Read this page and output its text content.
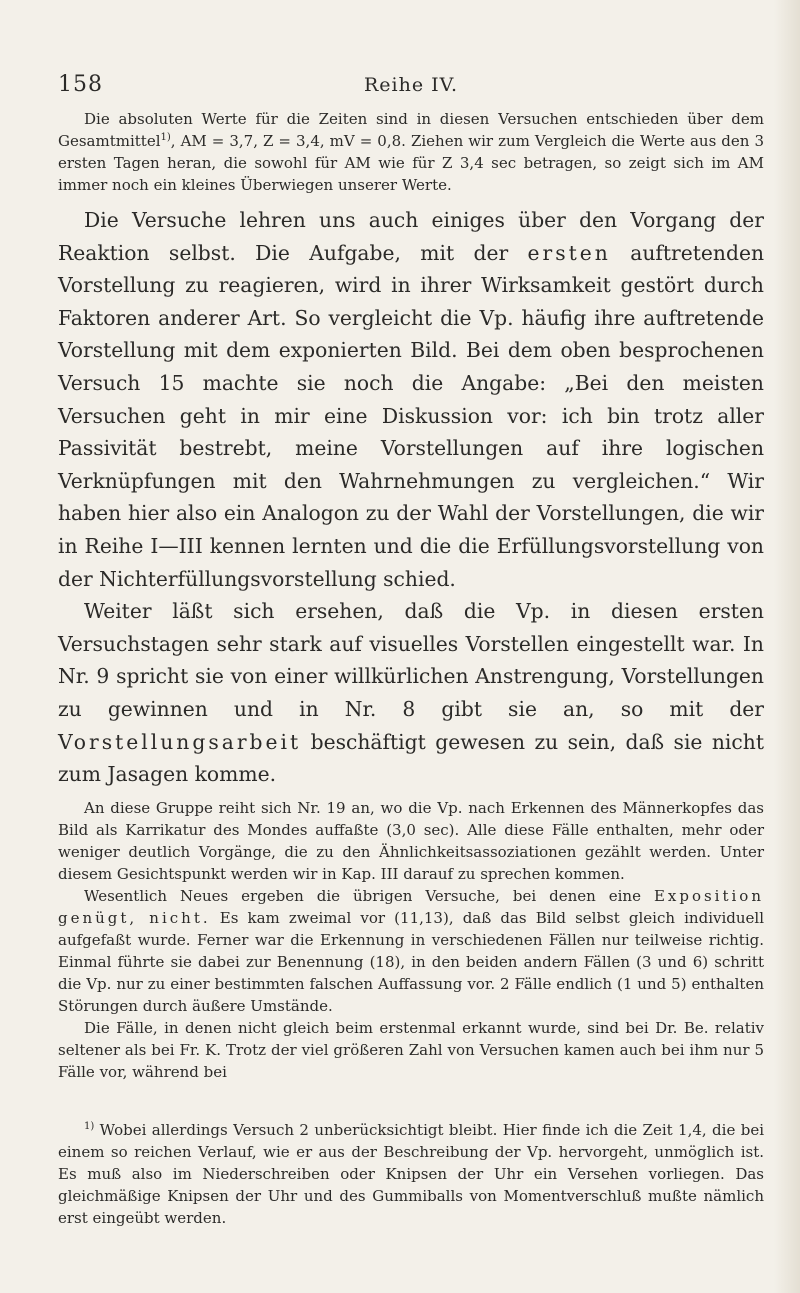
158	Reihe IV.

Die absoluten Werte für die Zeiten sind in diesen Versuchen entschieden über dem Gesamtmittel$^{1)}$, AM = 3,7, Z = 3,4, mV = 0,8. Ziehen wir zum Vergleich die Werte aus den 3 ersten Tagen heran, die sowohl für AM wie für Z 3,4 sec betragen, so zeigt sich im AM immer noch ein kleines Überwiegen unserer Werte.

Die Versuche lehren uns auch einiges über den Vorgang der Reaktion selbst. Die Aufgabe, mit der ersten auftretenden Vorstellung zu reagieren, wird in ihrer Wirksamkeit gestört durch Faktoren anderer Art. So vergleicht die Vp. häufig ihre auftretende Vorstellung mit dem exponierten Bild. Bei dem oben besprochenen Versuch 15 machte sie noch die Angabe: „Bei den meisten Versuchen geht in mir eine Diskussion vor: ich bin trotz aller Passivität bestrebt, meine Vorstellungen auf ihre logischen Verknüpfungen mit den Wahrnehmungen zu vergleichen.“ Wir haben hier also ein Analogon zu der Wahl der Vorstellungen, die wir in Reihe I—III kennen lernten und die die Erfüllungsvorstellung von der Nichterfüllungsvorstellung schied.

Weiter läßt sich ersehen, daß die Vp. in diesen ersten Versuchstagen sehr stark auf visuelles Vorstellen eingestellt war. In Nr. 9 spricht sie von einer willkürlichen Anstrengung, Vorstellungen zu gewinnen und in Nr. 8 gibt sie an, so mit der Vorstellungsarbeit beschäftigt gewesen zu sein, daß sie nicht zum Jasagen komme.

An diese Gruppe reiht sich Nr. 19 an, wo die Vp. nach Erkennen des Männerkopfes das Bild als Karrikatur des Mondes auffaßte (3,0 sec). Alle diese Fälle enthalten, mehr oder weniger deutlich Vorgänge, die zu den Ähnlichkeitsassoziationen gezählt werden. Unter diesem Gesichtspunkt werden wir in Kap. III darauf zu sprechen kommen.

Wesentlich Neues ergeben die übrigen Versuche, bei denen eine Exposition genügt, nicht. Es kam zweimal vor (11,13), daß das Bild selbst gleich individuell aufgefaßt wurde. Ferner war die Erkennung in verschiedenen Fällen nur teilweise richtig. Einmal führte sie dabei zur Benennung (18), in den beiden andern Fällen (3 und 6) schritt die Vp. nur zu einer bestimmten falschen Auffassung vor. 2 Fälle endlich (1 und 5) enthalten Störungen durch äußere Umstände.

Die Fälle, in denen nicht gleich beim erstenmal erkannt wurde, sind bei Dr. Be. relativ seltener als bei Fr. K. Trotz der viel größeren Zahl von Versuchen kamen auch bei ihm nur 5 Fälle vor, während bei

$^{1)}$ Wobei allerdings Versuch 2 unberücksichtigt bleibt. Hier finde ich die Zeit 1,4, die bei einem so reichen Verlauf, wie er aus der Beschreibung der Vp. hervorgeht, unmöglich ist. Es muß also im Niederschreiben oder Knipsen der Uhr ein Versehen vorliegen. Das gleichmäßige Knipsen der Uhr und des Gummiballs von Momentverschluß mußte nämlich erst eingeübt werden.
